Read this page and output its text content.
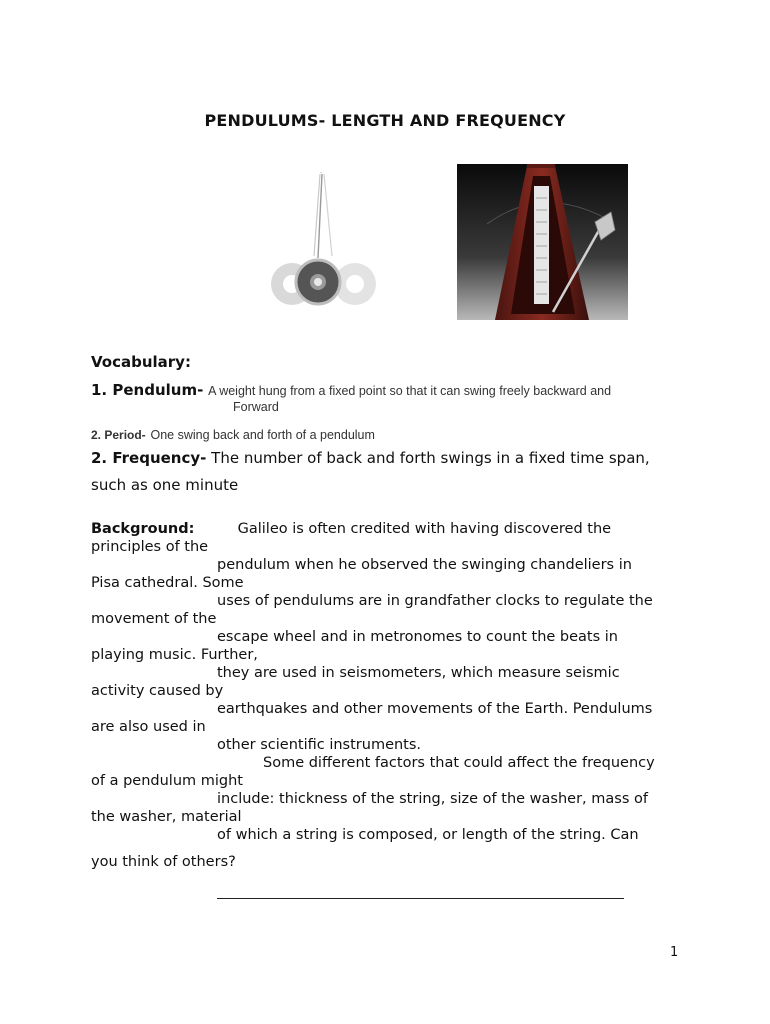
PENDULUMS- LENGTH AND FREQUENCY
Vocabulary:
1. Pendulum- A weight hung from a fixed point so that it can swing freely backward and
Forward
2. Period- One swing back and forth of a pendulum
2. Frequency- The number of back and forth swings in a fixed time span,
such as one minute
Background:	Galileo is often credited with having discovered the
principles of the
pendulum when he observed the swinging chandeliers in
Pisa cathedral. Some
uses of pendulums are in grandfather clocks to regulate the
movement of the
escape wheel and in metronomes to count the beats in
playing music. Further,
they are used in seismometers, which measure seismic
activity caused by
earthquakes and other movements of the Earth. Pendulums
are also used in
other scientific instruments.
Some different factors that could affect the frequency
of a pendulum might
include: thickness of the string, size of the washer, mass of
the washer, material
of which a string is composed, or length of the string. Can
you think of others?
1
